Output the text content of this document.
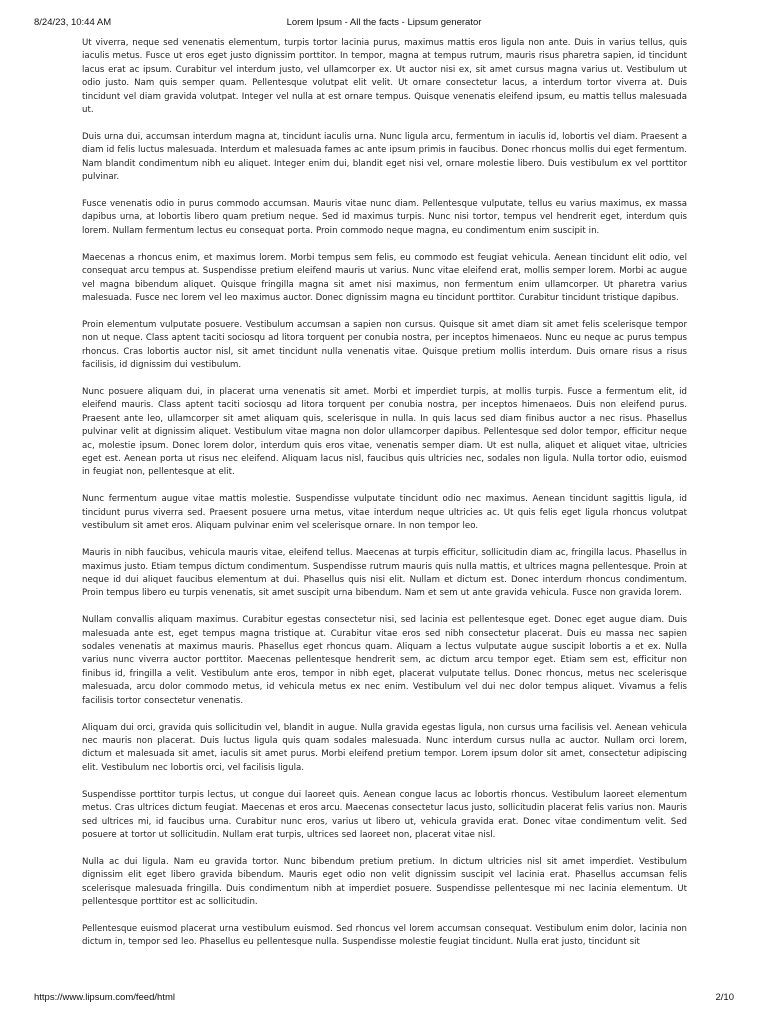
8/24/23, 10:44 AM	Lorem Ipsum - All the facts - Lipsum generator

Ut viverra, neque sed venenatis elementum, turpis tortor lacinia purus, maximus mattis eros ligula non ante. Duis in varius tellus, quis iaculis metus. Fusce ut eros eget justo dignissim porttitor. In tempor, magna at tempus rutrum, mauris risus pharetra sapien, id tincidunt lacus erat ac ipsum. Curabitur vel interdum justo, vel ullamcorper ex. Ut auctor nisi ex, sit amet cursus magna varius ut. Vestibulum ut odio justo. Nam quis semper quam. Pellentesque volutpat elit velit. Ut ornare consectetur lacus, a interdum tortor viverra at. Duis tincidunt vel diam gravida volutpat. Integer vel nulla at est ornare tempus. Quisque venenatis eleifend ipsum, eu mattis tellus malesuada ut.

Duis urna dui, accumsan interdum magna at, tincidunt iaculis urna. Nunc ligula arcu, fermentum in iaculis id, lobortis vel diam. Praesent a diam id felis luctus malesuada. Interdum et malesuada fames ac ante ipsum primis in faucibus. Donec rhoncus mollis dui eget fermentum. Nam blandit condimentum nibh eu aliquet. Integer enim dui, blandit eget nisi vel, ornare molestie libero. Duis vestibulum ex vel porttitor pulvinar.

Fusce venenatis odio in purus commodo accumsan. Mauris vitae nunc diam. Pellentesque vulputate, tellus eu varius maximus, ex massa dapibus urna, at lobortis libero quam pretium neque. Sed id maximus turpis. Nunc nisi tortor, tempus vel hendrerit eget, interdum quis lorem. Nullam fermentum lectus eu consequat porta. Proin commodo neque magna, eu condimentum enim suscipit in.

Maecenas a rhoncus enim, et maximus lorem. Morbi tempus sem felis, eu commodo est feugiat vehicula. Aenean tincidunt elit odio, vel consequat arcu tempus at. Suspendisse pretium eleifend mauris ut varius. Nunc vitae eleifend erat, mollis semper lorem. Morbi ac augue vel magna bibendum aliquet. Quisque fringilla magna sit amet nisi maximus, non fermentum enim ullamcorper. Ut pharetra varius malesuada. Fusce nec lorem vel leo maximus auctor. Donec dignissim magna eu tincidunt porttitor. Curabitur tincidunt tristique dapibus.

Proin elementum vulputate posuere. Vestibulum accumsan a sapien non cursus. Quisque sit amet diam sit amet felis scelerisque tempor non ut neque. Class aptent taciti sociosqu ad litora torquent per conubia nostra, per inceptos himenaeos. Nunc eu neque ac purus tempus rhoncus. Cras lobortis auctor nisl, sit amet tincidunt nulla venenatis vitae. Quisque pretium mollis interdum. Duis ornare risus a risus facilisis, id dignissim dui vestibulum.

Nunc posuere aliquam dui, in placerat urna venenatis sit amet. Morbi et imperdiet turpis, at mollis turpis. Fusce a fermentum elit, id eleifend mauris. Class aptent taciti sociosqu ad litora torquent per conubia nostra, per inceptos himenaeos. Duis non eleifend purus. Praesent ante leo, ullamcorper sit amet aliquam quis, scelerisque in nulla. In quis lacus sed diam finibus auctor a nec risus. Phasellus pulvinar velit at dignissim aliquet. Vestibulum vitae magna non dolor ullamcorper dapibus. Pellentesque sed dolor tempor, efficitur neque ac, molestie ipsum. Donec lorem dolor, interdum quis eros vitae, venenatis semper diam. Ut est nulla, aliquet et aliquet vitae, ultricies eget est. Aenean porta ut risus nec eleifend. Aliquam lacus nisl, faucibus quis ultricies nec, sodales non ligula. Nulla tortor odio, euismod in feugiat non, pellentesque at elit.

Nunc fermentum augue vitae mattis molestie. Suspendisse vulputate tincidunt odio nec maximus. Aenean tincidunt sagittis ligula, id tincidunt purus viverra sed. Praesent posuere urna metus, vitae interdum neque ultricies ac. Ut quis felis eget ligula rhoncus volutpat vestibulum sit amet eros. Aliquam pulvinar enim vel scelerisque ornare. In non tempor leo.

Mauris in nibh faucibus, vehicula mauris vitae, eleifend tellus. Maecenas at turpis efficitur, sollicitudin diam ac, fringilla lacus. Phasellus in maximus justo. Etiam tempus dictum condimentum. Suspendisse rutrum mauris quis nulla mattis, et ultrices magna pellentesque. Proin at neque id dui aliquet faucibus elementum at dui. Phasellus quis nisi elit. Nullam et dictum est. Donec interdum rhoncus condimentum. Proin tempus libero eu turpis venenatis, sit amet suscipit urna bibendum. Nam et sem ut ante gravida vehicula. Fusce non gravida lorem.

Nullam convallis aliquam maximus. Curabitur egestas consectetur nisi, sed lacinia est pellentesque eget. Donec eget augue diam. Duis malesuada ante est, eget tempus magna tristique at. Curabitur vitae eros sed nibh consectetur placerat. Duis eu massa nec sapien sodales venenatis at maximus mauris. Phasellus eget rhoncus quam. Aliquam a lectus vulputate augue suscipit lobortis a et ex. Nulla varius nunc viverra auctor porttitor. Maecenas pellentesque hendrerit sem, ac dictum arcu tempor eget. Etiam sem est, efficitur non finibus id, fringilla a velit. Vestibulum ante eros, tempor in nibh eget, placerat vulputate tellus. Donec rhoncus, metus nec scelerisque malesuada, arcu dolor commodo metus, id vehicula metus ex nec enim. Vestibulum vel dui nec dolor tempus aliquet. Vivamus a felis facilisis tortor consectetur venenatis.

Aliquam dui orci, gravida quis sollicitudin vel, blandit in augue. Nulla gravida egestas ligula, non cursus urna facilisis vel. Aenean vehicula nec mauris non placerat. Duis luctus ligula quis quam sodales malesuada. Nunc interdum cursus nulla ac auctor. Nullam orci lorem, dictum et malesuada sit amet, iaculis sit amet purus. Morbi eleifend pretium tempor. Lorem ipsum dolor sit amet, consectetur adipiscing elit. Vestibulum nec lobortis orci, vel facilisis ligula.

Suspendisse porttitor turpis lectus, ut congue dui laoreet quis. Aenean congue lacus ac lobortis rhoncus. Vestibulum laoreet elementum metus. Cras ultrices dictum feugiat. Maecenas et eros arcu. Maecenas consectetur lacus justo, sollicitudin placerat felis varius non. Mauris sed ultrices mi, id faucibus urna. Curabitur nunc eros, varius ut libero ut, vehicula gravida erat. Donec vitae condimentum velit. Sed posuere at tortor ut sollicitudin. Nullam erat turpis, ultrices sed laoreet non, placerat vitae nisl.

Nulla ac dui ligula. Nam eu gravida tortor. Nunc bibendum pretium pretium. In dictum ultricies nisl sit amet imperdiet. Vestibulum dignissim elit eget libero gravida bibendum. Mauris eget odio non velit dignissim suscipit vel lacinia erat. Phasellus accumsan felis scelerisque malesuada fringilla. Duis condimentum nibh at imperdiet posuere. Suspendisse pellentesque mi nec lacinia elementum. Ut pellentesque porttitor est ac sollicitudin.

Pellentesque euismod placerat urna vestibulum euismod. Sed rhoncus vel lorem accumsan consequat. Vestibulum enim dolor, lacinia non dictum in, tempor sed leo. Phasellus eu pellentesque nulla. Suspendisse molestie feugiat tincidunt. Nulla erat justo, tincidunt sit

https://www.lipsum.com/feed/html	2/10
